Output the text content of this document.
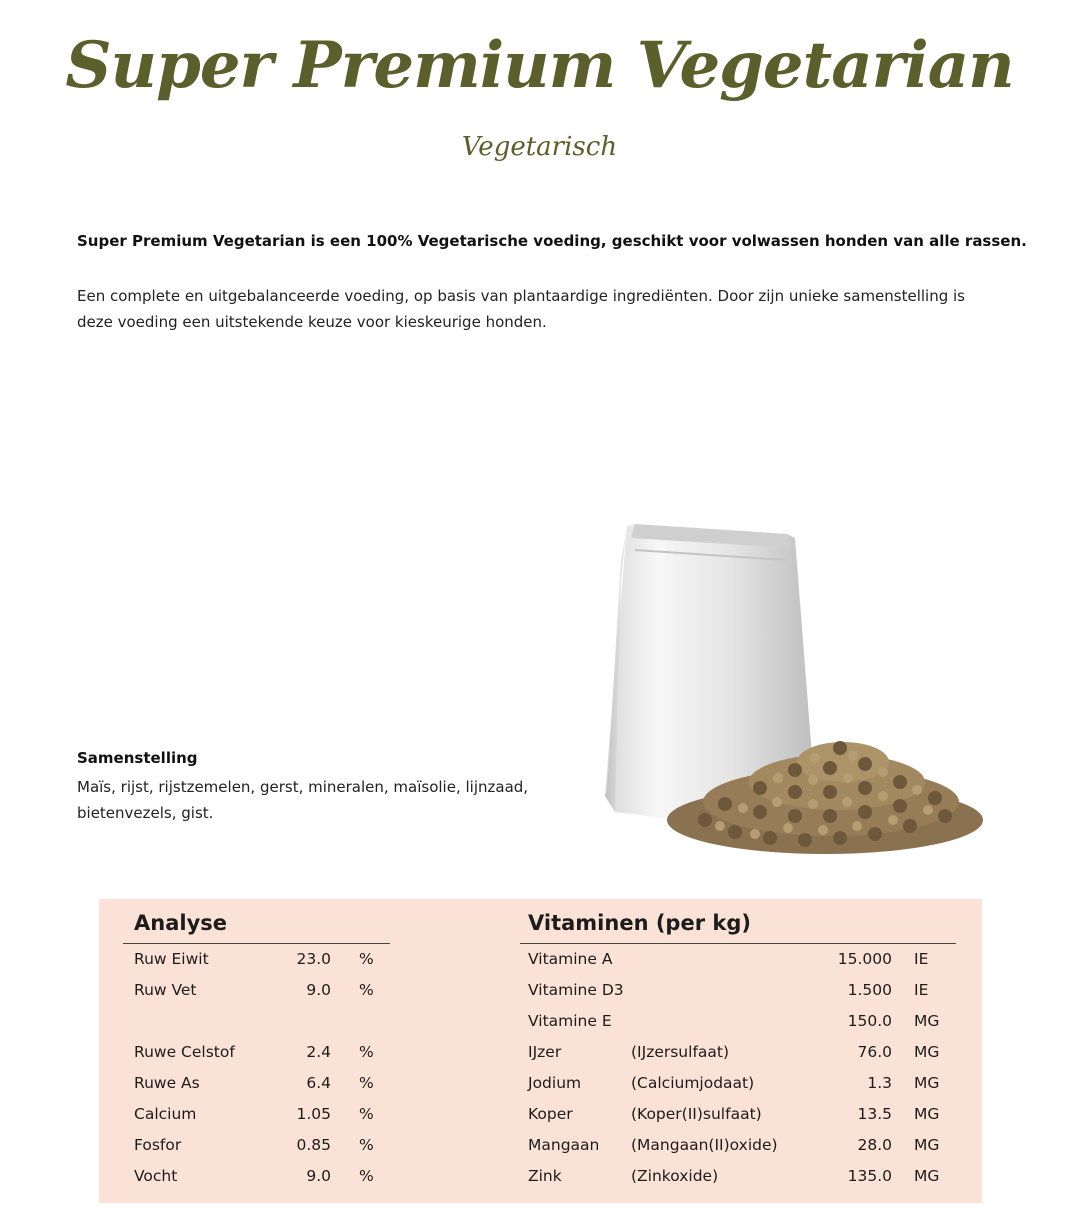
Super Premium Vegetarian
Vegetarisch

Super Premium Vegetarian is een 100% Vegetarische voeding, geschikt voor volwassen honden van alle rassen.

Een complete en uitgebalanceerde voeding, op basis van plantaardige ingrediënten. Door zijn unieke samenstelling is deze voeding een uitstekende keuze voor kieskeurige honden.

Samenstelling

Maïs, rijst, rijstzemelen, gerst, mineralen, maïsolie, lijnzaad, bietenvezels, gist.

Analyse
Ruw Eiwit	23.0 %
Ruw Vet	9.0 %
Ruwe Celstof	2.4 %
Ruwe As	6.4 %
Calcium	1.05 %
Fosfor	0.85 %
Vocht	9.0 %
Vitaminen (per kg)
Vitamine A	15.000 IE
Vitamine D3	1.500 IE
Vitamine E	150.0 MG
IJzer	(IJzersulfaat)	76.0 MG
Jodium	(Calciumjodaat)	1.3 MG
Koper	(Koper(II)sulfaat)	13.5 MG
Mangaan (Mangaan(II)oxide)	28.0 MG
Zink	(Zinkoxide)	135.0 MG
